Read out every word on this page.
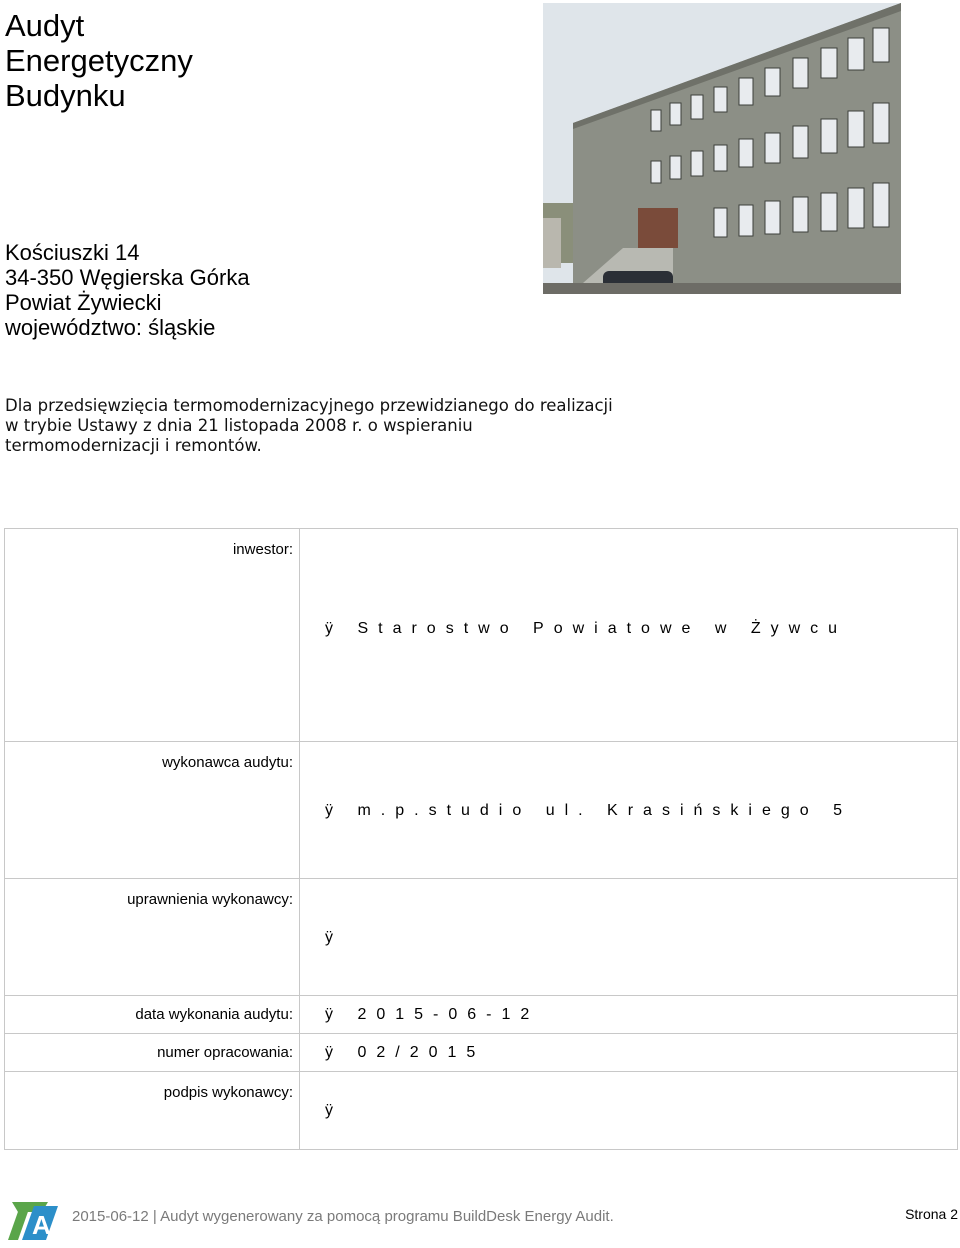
Audyt
Energetyczny
Budynku
Kościuszki 14
34-350 Węgierska Górka
Powiat Żywiecki
województwo: śląskie
Dla przedsięwzięcia termomodernizacyjnego przewidzianego do realizacji w trybie Ustawy z dnia 21 listopada 2008 r. o wspieraniu termomodernizacji i remontów.
inwestor:	ÿ Starostwo Powiatowe w Żywcu

wykonawca audytu:	ÿ m.p.studio ul. Krasińskiego 5

uprawnienia wykonawcy:	ÿ

data wykonania audytu:	ÿ 2015-06-12
numer opracowania:	ÿ 02/2015

podpis wykonawcy:	ÿ
A 2015-06-12 | Audyt wygenerowany za pomocą programu BuildDesk Energy Audit.	Strona 2
